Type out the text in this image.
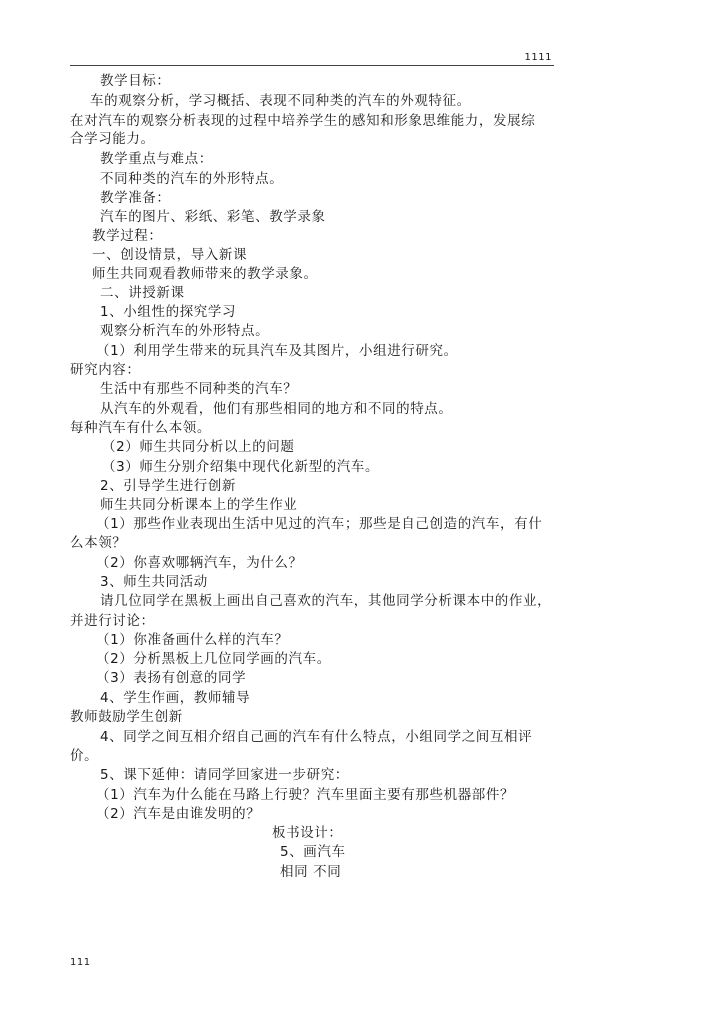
1111
教学目标：
车的观察分析，学习概括、表现不同种类的汽车的外观特征。
在对汽车的观察分析表现的过程中培养学生的感知和形象思维能力，发展综
合学习能力。
教学重点与难点：
不同种类的汽车的外形特点。
教学准备：
汽车的图片、彩纸、彩笔、教学录象
教学过程：
一、创设情景，导入新课
师生共同观看教师带来的教学录象。
二、讲授新课
1、小组性的探究学习
观察分析汽车的外形特点。
（1）利用学生带来的玩具汽车及其图片，小组进行研究。
研究内容：
生活中有那些不同种类的汽车？
从汽车的外观看，他们有那些相同的地方和不同的特点。
每种汽车有什么本领。
（2）师生共同分析以上的问题
（3）师生分别介绍集中现代化新型的汽车。
2、引导学生进行创新
师生共同分析课本上的学生作业
（1）那些作业表现出生活中见过的汽车；那些是自己创造的汽车，有什
么本领？
（2）你喜欢哪辆汽车，为什么？
3、师生共同活动
请几位同学在黑板上画出自己喜欢的汽车，其他同学分析课本中的作业，
并进行讨论：
（1）你准备画什么样的汽车？
（2）分析黑板上几位同学画的汽车。
（3）表扬有创意的同学
4、学生作画，教师辅导
教师鼓励学生创新
4、同学之间互相介绍自己画的汽车有什么特点，小组同学之间互相评
价。
5、课下延伸：请同学回家进一步研究：
（1）汽车为什么能在马路上行驶？汽车里面主要有那些机器部件？
（2）汽车是由谁发明的？
板书设计：
5、画汽车
相同 不同
111
